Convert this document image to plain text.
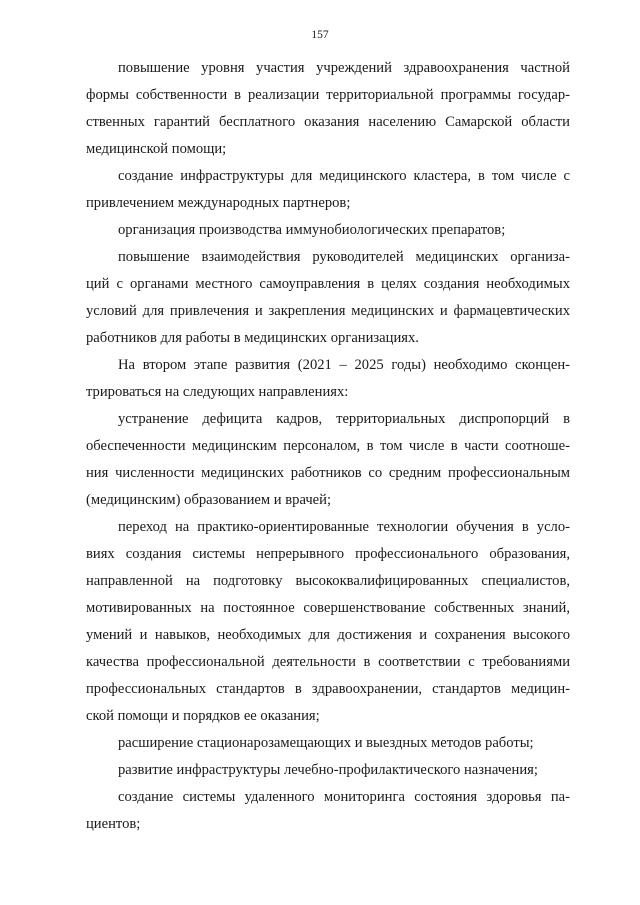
157
повышение уровня участия учреждений здравоохранения частной
формы собственности в реализации территориальной программы государ-
ственных гарантий бесплатного оказания населению Самарской области
медицинской помощи;
создание инфраструктуры для медицинского кластера, в том числе с
привлечением международных партнеров;
организация производства иммунобиологических препаратов;
повышение взаимодействия руководителей медицинских организа-
ций с органами местного самоуправления в целях создания необходимых
условий для привлечения и закрепления медицинских и фармацевтических
работников для работы в медицинских организациях.
На втором этапе развития (2021 – 2025 годы) необходимо сконцен-
трироваться на следующих направлениях:
устранение дефицита кадров, территориальных диспропорций в
обеспеченности медицинским персоналом, в том числе в части соотноше-
ния численности медицинских работников со средним профессиональным
(медицинским) образованием и врачей;
переход на практико-ориентированные технологии обучения в усло-
виях создания системы непрерывного профессионального образования,
направленной на подготовку высококвалифицированных специалистов,
мотивированных на постоянное совершенствование собственных знаний,
умений и навыков, необходимых для достижения и сохранения высокого
качества профессиональной деятельности в соответствии с требованиями
профессиональных стандартов в здравоохранении, стандартов медицин-
ской помощи и порядков ее оказания;
расширение стационарозамещающих и выездных методов работы;
развитие инфраструктуры лечебно-профилактического назначения;
создание системы удаленного мониторинга состояния здоровья па-
циентов;
